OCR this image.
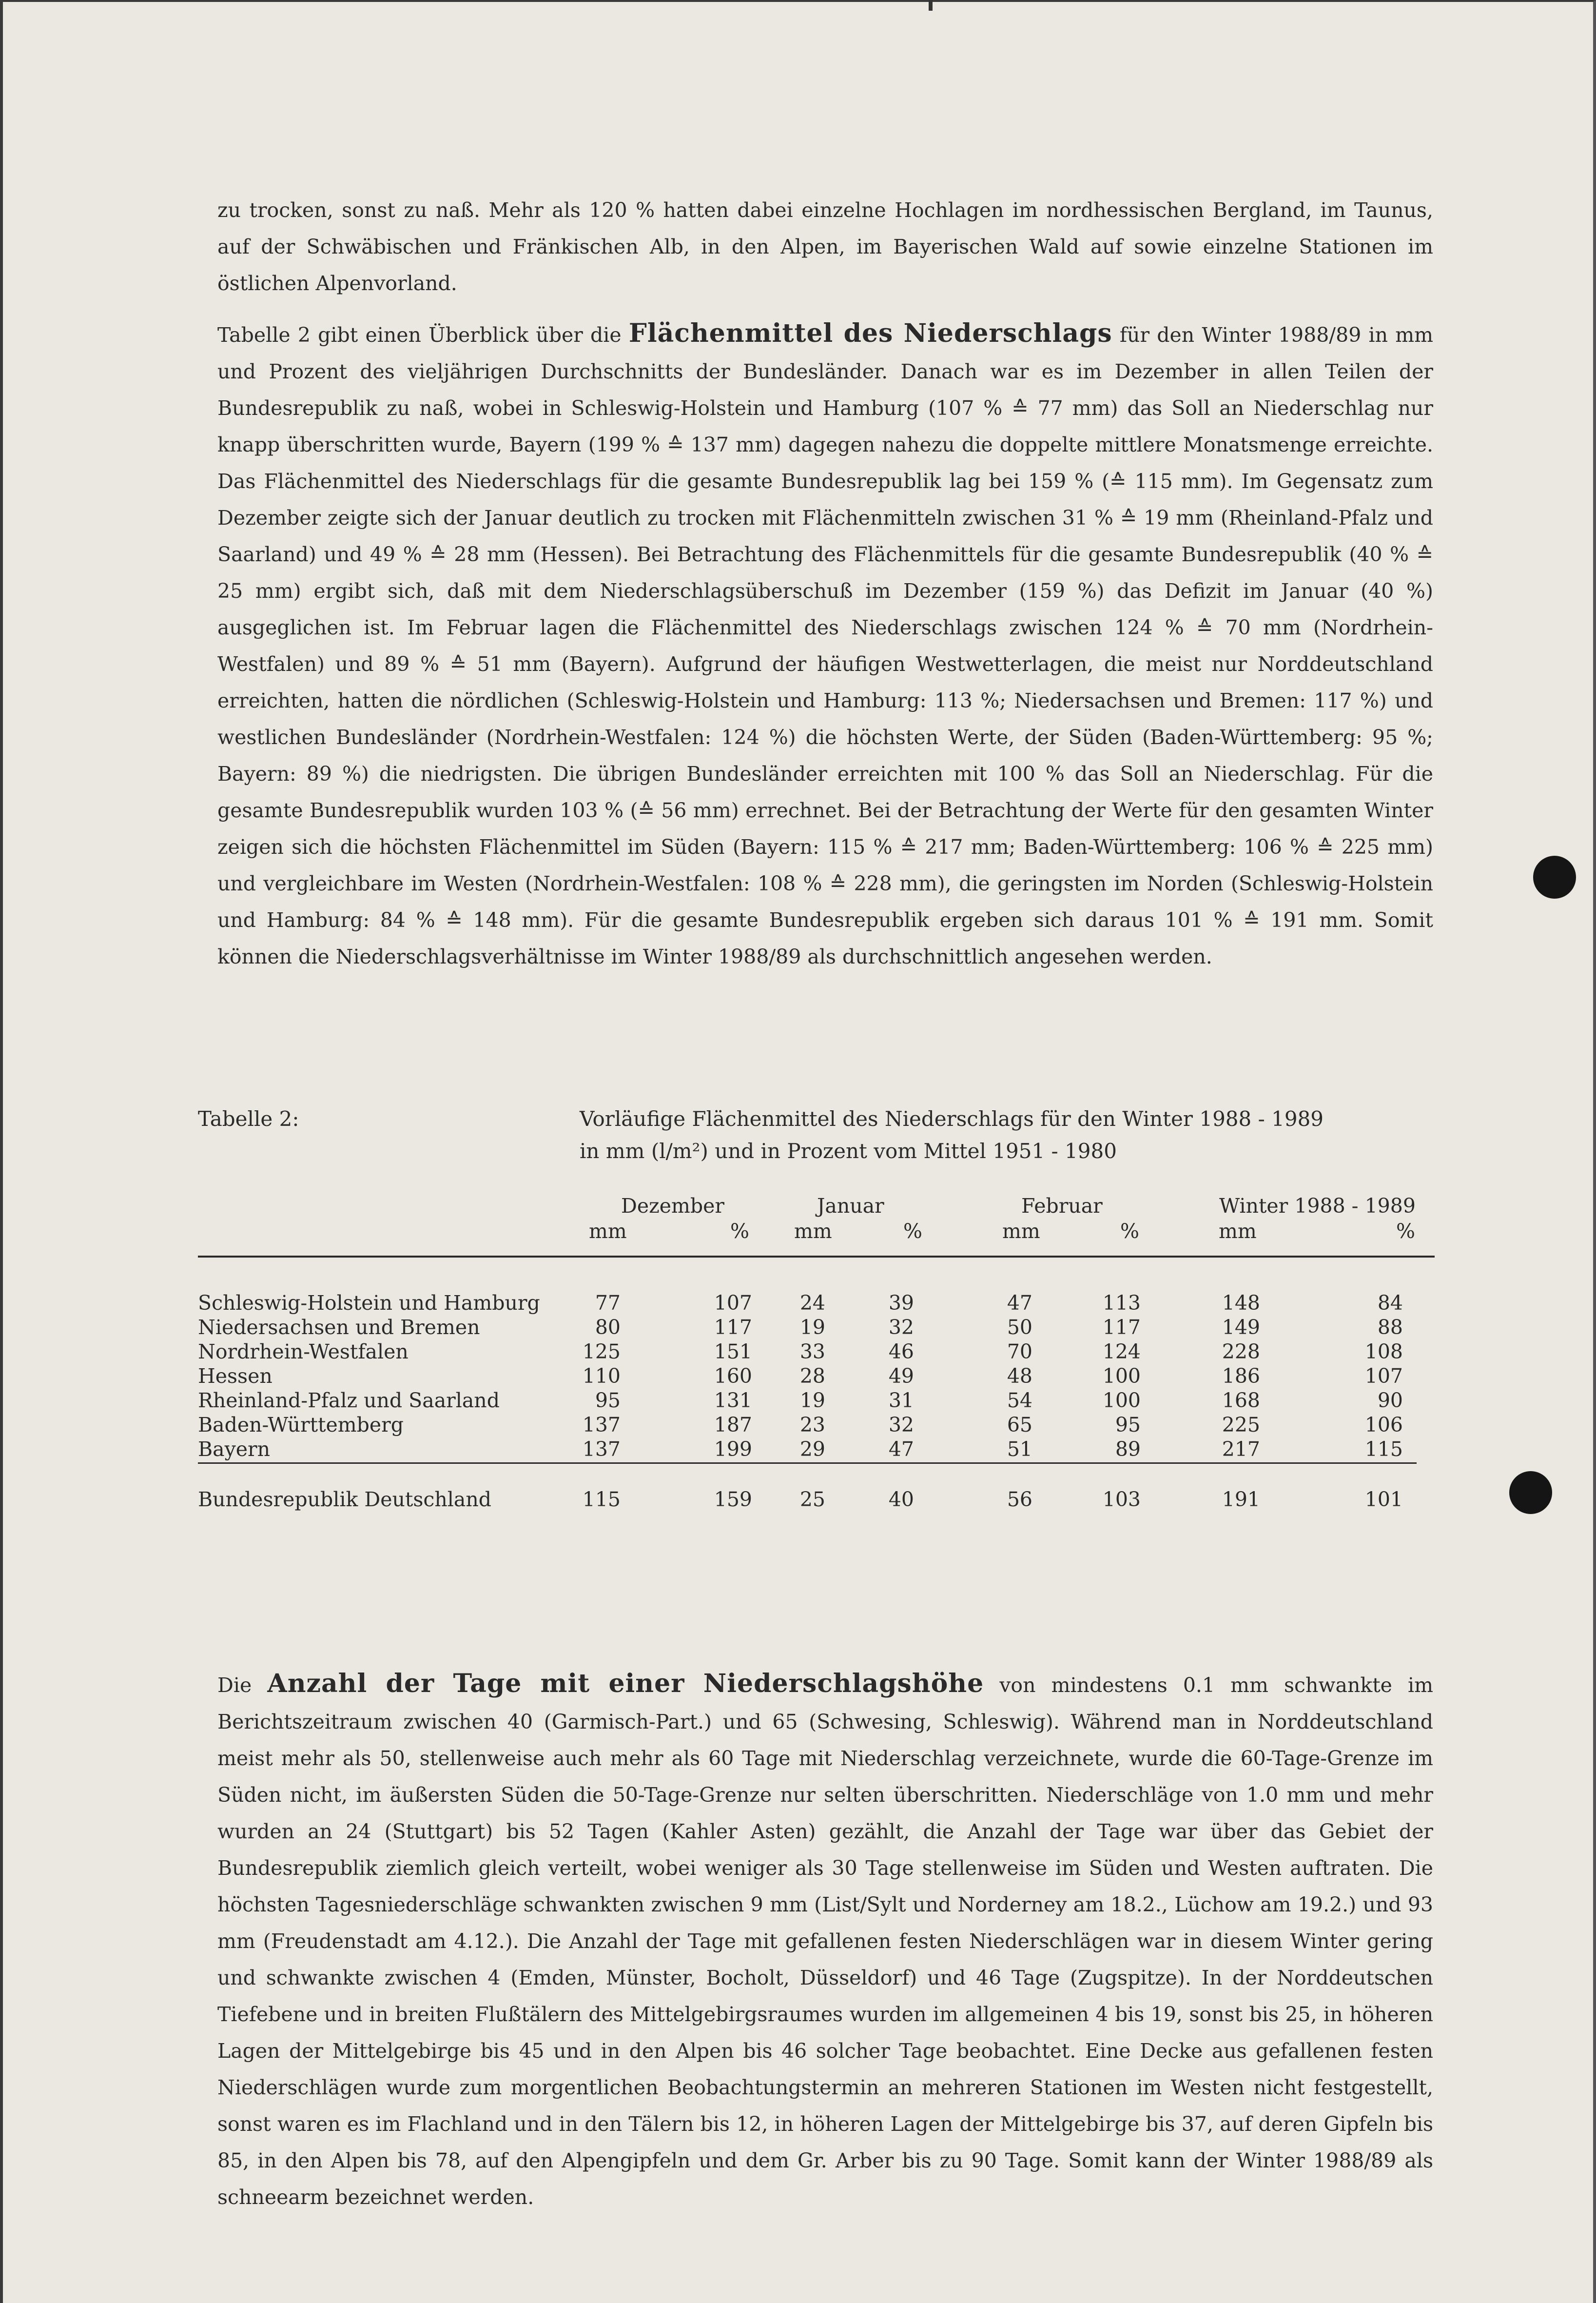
zu trocken, sonst zu naß. Mehr als 120 % hatten dabei einzelne Hochlagen im nordhessischen Bergland, im Taunus, auf der Schwäbischen und Fränkischen Alb, in den Alpen, im Bayerischen Wald auf sowie einzelne Stationen im östlichen Alpenvorland.

Tabelle 2 gibt einen Überblick über die Flächenmittel des Niederschlags für den Winter 1988/89 in mm und Prozent des vieljährigen Durchschnitts der Bundesländer. Danach war es im Dezember in allen Teilen der Bundesrepublik zu naß, wobei in Schleswig-Holstein und Hamburg (107 % ≙ 77 mm) das Soll an Niederschlag nur knapp überschritten wurde, Bayern (199 % ≙ 137 mm) dagegen nahezu die doppelte mittlere Monatsmenge erreichte. Das Flächenmittel des Niederschlags für die gesamte Bundesrepublik lag bei 159 % (≙ 115 mm). Im Gegensatz zum Dezember zeigte sich der Januar deutlich zu trocken mit Flächenmitteln zwischen 31 % ≙ 19 mm (Rheinland-Pfalz und Saarland) und 49 % ≙ 28 mm (Hessen). Bei Betrachtung des Flächenmittels für die gesamte Bundesrepublik (40 % ≙ 25 mm) ergibt sich, daß mit dem Niederschlagsüberschuß im Dezember (159 %) das Defizit im Januar (40 %) ausgeglichen ist. Im Februar lagen die Flächenmittel des Niederschlags zwischen 124 % ≙ 70 mm (Nordrhein-Westfalen) und 89 % ≙ 51 mm (Bayern). Aufgrund der häufigen Westwetterlagen, die meist nur Norddeutschland erreichten, hatten die nördlichen (Schleswig-Holstein und Hamburg: 113 %; Niedersachsen und Bremen: 117 %) und westlichen Bundesländer (Nordrhein-Westfalen: 124 %) die höchsten Werte, der Süden (Baden-Württemberg: 95 %; Bayern: 89 %) die niedrigsten. Die übrigen Bundesländer erreichten mit 100 % das Soll an Niederschlag. Für die gesamte Bundesrepublik wurden 103 % (≙ 56 mm) errechnet. Bei der Betrachtung der Werte für den gesamten Winter zeigen sich die höchsten Flächenmittel im Süden (Bayern: 115 % ≙ 217 mm; Baden-Württemberg: 106 % ≙ 225 mm) und vergleichbare im Westen (Nordrhein-Westfalen: 108 % ≙ 228 mm), die geringsten im Norden (Schleswig-Holstein und Hamburg: 84 % ≙ 148 mm). Für die gesamte Bundesrepublik ergeben sich daraus 101 % ≙ 191 mm. Somit können die Niederschlagsverhältnisse im Winter 1988/89 als durchschnittlich angesehen werden.

Tabelle 2:	Vorläufige Flächenmittel des Niederschlags für den Winter 1988 - 1989
in mm (l/m²) und in Prozent vom Mittel 1951 - 1980
Dezember	Januar	Februar	Winter 1988 - 1989
mm	% mm	%	mm	%	mm	%
Schleswig-Holstein und Hamburg	77	107	24	39	47	113	148	84
Niedersachsen und Bremen	80	117	19	32	50	117	149	88
Nordrhein-Westfalen	125	151	33	46	70	124	228	108
Hessen	110	160	28	49	48	100	186	107
Rheinland-Pfalz und Saarland	95	131	19	31	54	100	168	90
Baden-Württemberg	137	187	23	32	65	95	225	106
Bayern	137	199	29	47	51	89	217	115
Bundesrepublik Deutschland	115	159	25	40	56	103	191	101

Die Anzahl der Tage mit einer Niederschlagshöhe von mindestens 0.1 mm schwankte im Berichtszeitraum zwischen 40 (Garmisch-Part.) und 65 (Schwesing, Schleswig). Während man in Norddeutschland meist mehr als 50, stellenweise auch mehr als 60 Tage mit Niederschlag verzeichnete, wurde die 60-Tage-Grenze im Süden nicht, im äußersten Süden die 50-Tage-Grenze nur selten überschritten. Niederschläge von 1.0 mm und mehr wurden an 24 (Stuttgart) bis 52 Tagen (Kahler Asten) gezählt, die Anzahl der Tage war über das Gebiet der Bundesrepublik ziemlich gleich verteilt, wobei weniger als 30 Tage stellenweise im Süden und Westen auftraten. Die höchsten Tagesniederschläge schwankten zwischen 9 mm (List/Sylt und Norderney am 18.2., Lüchow am 19.2.) und 93 mm (Freudenstadt am 4.12.). Die Anzahl der Tage mit gefallenen festen Niederschlägen war in diesem Winter gering und schwankte zwischen 4 (Emden, Münster, Bocholt, Düsseldorf) und 46 Tage (Zugspitze). In der Norddeutschen Tiefebene und in breiten Flußtälern des Mittelgebirgsraumes wurden im allgemeinen 4 bis 19, sonst bis 25, in höheren Lagen der Mittelgebirge bis 45 und in den Alpen bis 46 solcher Tage beobachtet. Eine Decke aus gefallenen festen Niederschlägen wurde zum morgentlichen Beobachtungstermin an mehreren Stationen im Westen nicht festgestellt, sonst waren es im Flachland und in den Tälern bis 12, in höheren Lagen der Mittelgebirge bis 37, auf deren Gipfeln bis 85, in den Alpen bis 78, auf den Alpengipfeln und dem Gr. Arber bis zu 90 Tage. Somit kann der Winter 1988/89 als schneearm bezeichnet werden.
